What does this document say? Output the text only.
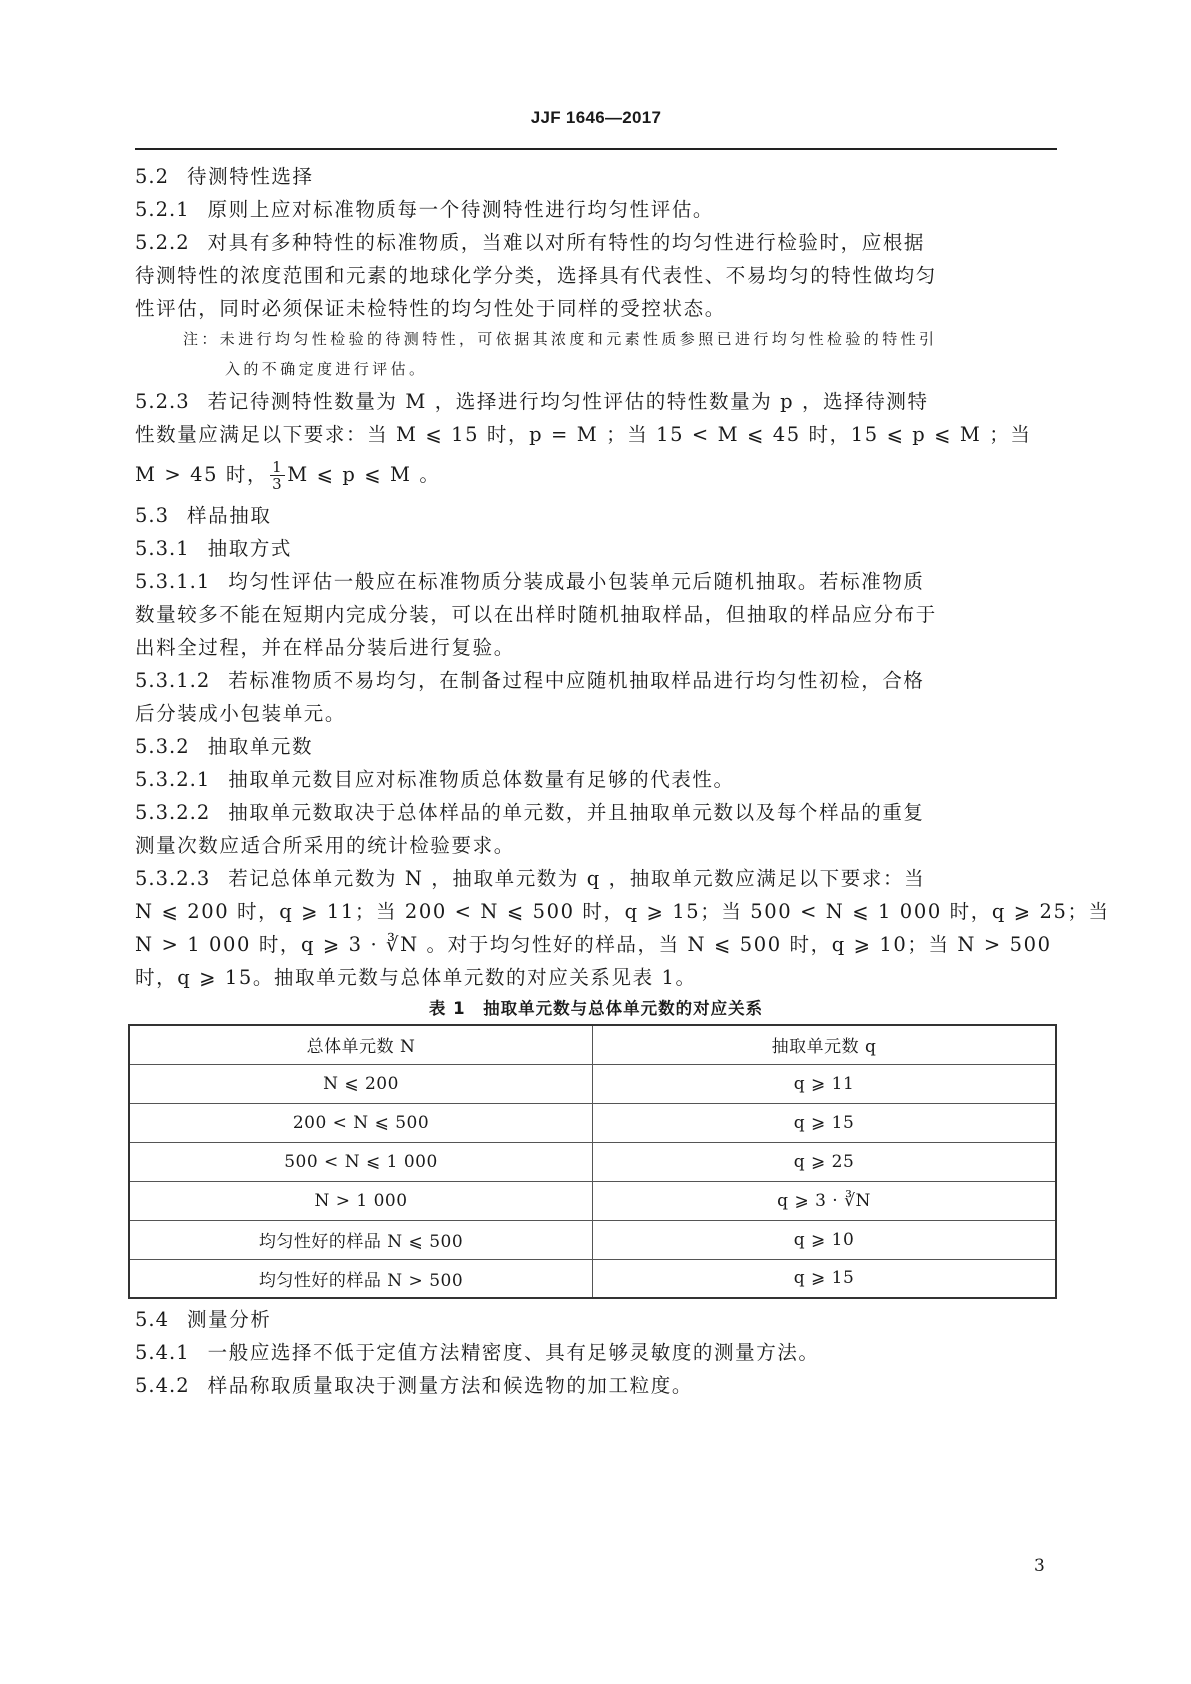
JJF 1646—2017
5.2 待测特性选择
5.2.1 原则上应对标准物质每一个待测特性进行均匀性评估。
5.2.2 对具有多种特性的标准物质，当难以对所有特性的均匀性进行检验时，应根据
待测特性的浓度范围和元素的地球化学分类，选择具有代表性、不易均匀的特性做均匀
性评估，同时必须保证未检特性的均匀性处于同样的受控状态。
注：未进行均匀性检验的待测特性，可依据其浓度和元素性质参照已进行均匀性检验的特性引
入的不确定度进行评估。
5.2.3 若记待测特性数量为 M ，选择进行均匀性评估的特性数量为 p ，选择待测特
性数量应满足以下要求：当 M ⩽ 15 时，p = M ；当 15 < M ⩽ 45 时，15 ⩽ p ⩽ M ；当
M > 45 时， $\frac{1}{3}$ M ⩽ p ⩽ M 。
5.3 样品抽取
5.3.1 抽取方式
5.3.1.1 均匀性评估一般应在标准物质分装成最小包装单元后随机抽取。若标准物质
数量较多不能在短期内完成分装，可以在出样时随机抽取样品，但抽取的样品应分布于
出料全过程，并在样品分装后进行复验。
5.3.1.2 若标准物质不易均匀，在制备过程中应随机抽取样品进行均匀性初检，合格
后分装成小包装单元。
5.3.2 抽取单元数
5.3.2.1 抽取单元数目应对标准物质总体数量有足够的代表性。
5.3.2.2 抽取单元数取决于总体样品的单元数，并且抽取单元数以及每个样品的重复
测量次数应适合所采用的统计检验要求。
5.3.2.3 若记总体单元数为 N ，抽取单元数为 q ，抽取单元数应满足以下要求：当
N ⩽ 200 时，q ⩾ 11；当 200 < N ⩽ 500 时，q ⩾ 15；当 500 < N ⩽ 1 000 时，q ⩾ 25；当
N > 1 000 时，q ⩾ 3 · ∛N 。对于均匀性好的样品，当 N ⩽ 500 时，q ⩾ 10；当 N > 500
时，q ⩾ 15。抽取单元数与总体单元数的对应关系见表 1。
表 1　抽取单元数与总体单元数的对应关系
总体单元数 N	抽取单元数 q
N ⩽ 200	q ⩾ 11
200 < N ⩽ 500	q ⩾ 15
500 < N ⩽ 1 000	q ⩾ 25
N > 1 000	q ⩾ 3 · ∛N
均匀性好的样品 N ⩽ 500	q ⩾ 10
均匀性好的样品 N > 500	q ⩾ 15
5.4 测量分析
5.4.1 一般应选择不低于定值方法精密度、具有足够灵敏度的测量方法。
5.4.2 样品称取质量取决于测量方法和候选物的加工粒度。
3
